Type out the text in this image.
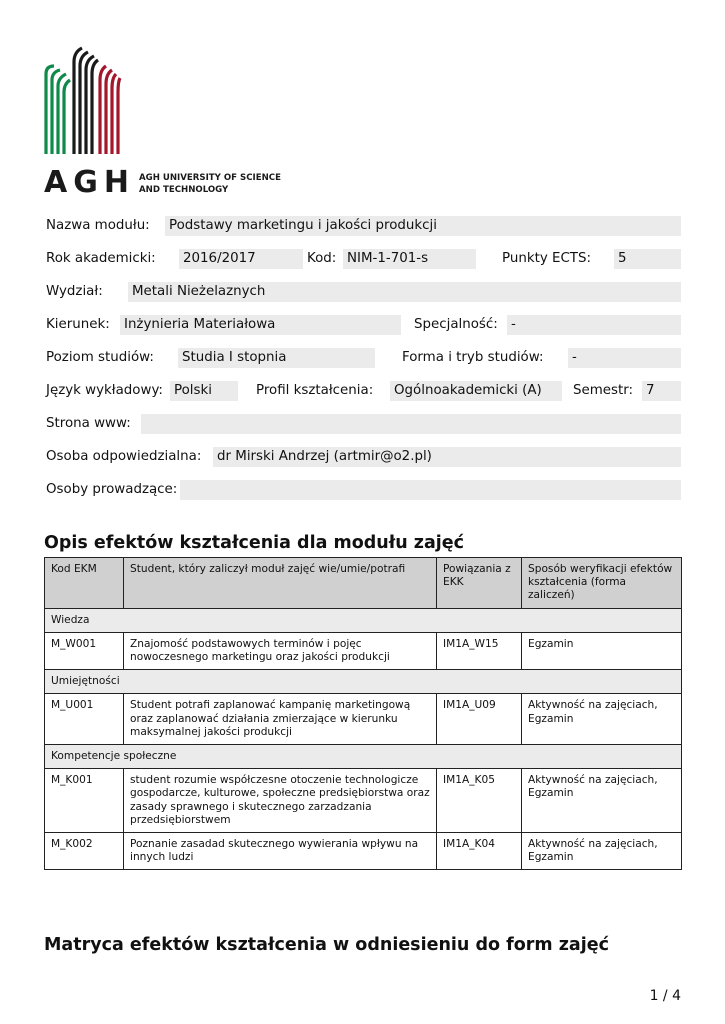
AGH AGH UNIVERSITY OF SCIENCE
AND TECHNOLOGY
Nazwa modułu: Podstawy marketingu i jakości produkcji
Rok akademicki: 2016/2017	Kod: NIM-1-701-s	Punkty ECTS: 5
Wydział: Metali Nieżelaznych
Kierunek: Inżynieria Materiałowa	Specjalność: -
Poziom studiów: Studia I stopnia	Forma i tryb studiów: -
Język wykładowy: Polski	Profil kształcenia: Ogólnoakademicki (A)	Semestr: 7
Strona www:
Osoba odpowiedzialna: dr Mirski Andrzej (artmir@o2.pl)
Osoby prowadzące:
Opis efektów kształcenia dla modułu zajęć
Kod EKM	Student, który zaliczył moduł zajęć wie/umie/potrafi	Powiązania z EKK	Sposób weryfikacji efektów kształcenia (forma zaliczeń)
Wiedza			
M_W001	Znajomość podstawowych terminów i pojęc nowoczesnego marketingu oraz jakości produkcji	IM1A_W15	Egzamin
Umiejętności			
M_U001	Student potrafi zaplanować kampanię marketingową oraz zaplanować działania zmierzające w kierunku maksymalnej jakości produkcji	IM1A_U09	Aktywność na zajęciach, Egzamin
Kompetencje społeczne			
M_K001	student rozumie współczesne otoczenie technologicze gospodarcze, kulturowe, społeczne predsiębiorstwa oraz zasady sprawnego i skutecznego zarzadzania przedsiębiorstwem	IM1A_K05	Aktywność na zajęciach, Egzamin
M_K002	Poznanie zasadad skutecznego wywierania wpływu na innych ludzi	IM1A_K04	Aktywność na zajęciach, Egzamin
Matryca efektów kształcenia w odniesieniu do form zajęć
1 / 4
